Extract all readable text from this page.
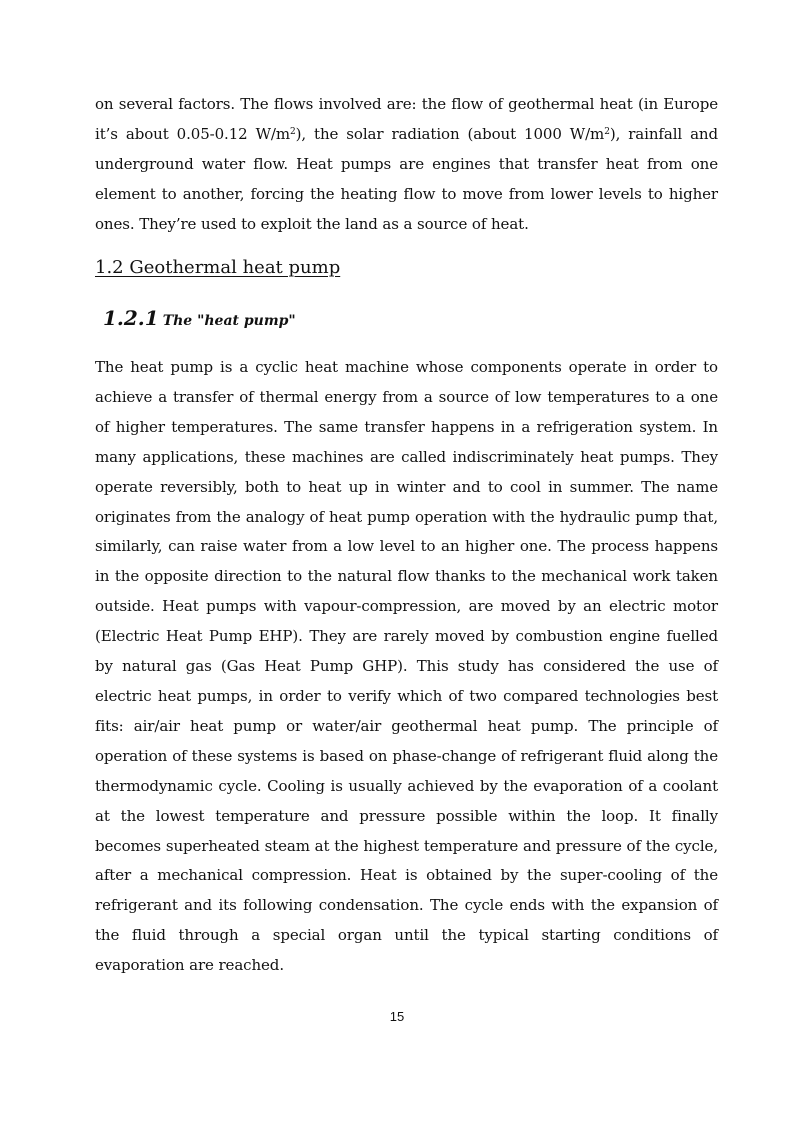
on several factors. The flows involved are: the flow of geothermal heat (in Europe it’s about 0.05-0.12 $W/m^2$), the solar radiation (about 1000 $W/m^2$), rainfall and underground water flow. Heat pumps are engines that transfer heat from one element to another, forcing the heating flow to move from lower levels to higher ones. They’re used to exploit the land as a source of heat.

1.2 Geothermal heat pump
1.2.1 The "heat pump"

The heat pump is a cyclic heat machine whose components operate in order to achieve a transfer of thermal energy from a source of low temperatures to a one of higher temperatures. The same transfer happens in a refrigeration system. In many applications, these machines are called indiscriminately heat pumps. They operate reversibly, both to heat up in winter and to cool in summer. The name originates from the analogy of heat pump operation with the hydraulic pump that, similarly, can raise water from a low level to an higher one. The process happens in the opposite direction to the natural flow thanks to the mechanical work taken outside. Heat pumps with vapour-compression, are moved by an electric motor (Electric Heat Pump EHP). They are rarely moved by combustion engine fuelled by natural gas (Gas Heat Pump GHP). This study has considered the use of electric heat pumps, in order to verify which of two compared technologies best fits: air/air heat pump or water/air geothermal heat pump. The principle of operation of these systems is based on phase-change of refrigerant fluid along the thermodynamic cycle. Cooling is usually achieved by the evaporation of a coolant at the lowest temperature and pressure possible within the loop. It finally becomes superheated steam at the highest temperature and pressure of the cycle, after a mechanical compression. Heat is obtained by the super-cooling of the refrigerant and its following condensation. The cycle ends with the expansion of the fluid through a special organ until the typical starting conditions of evaporation are reached.

15
